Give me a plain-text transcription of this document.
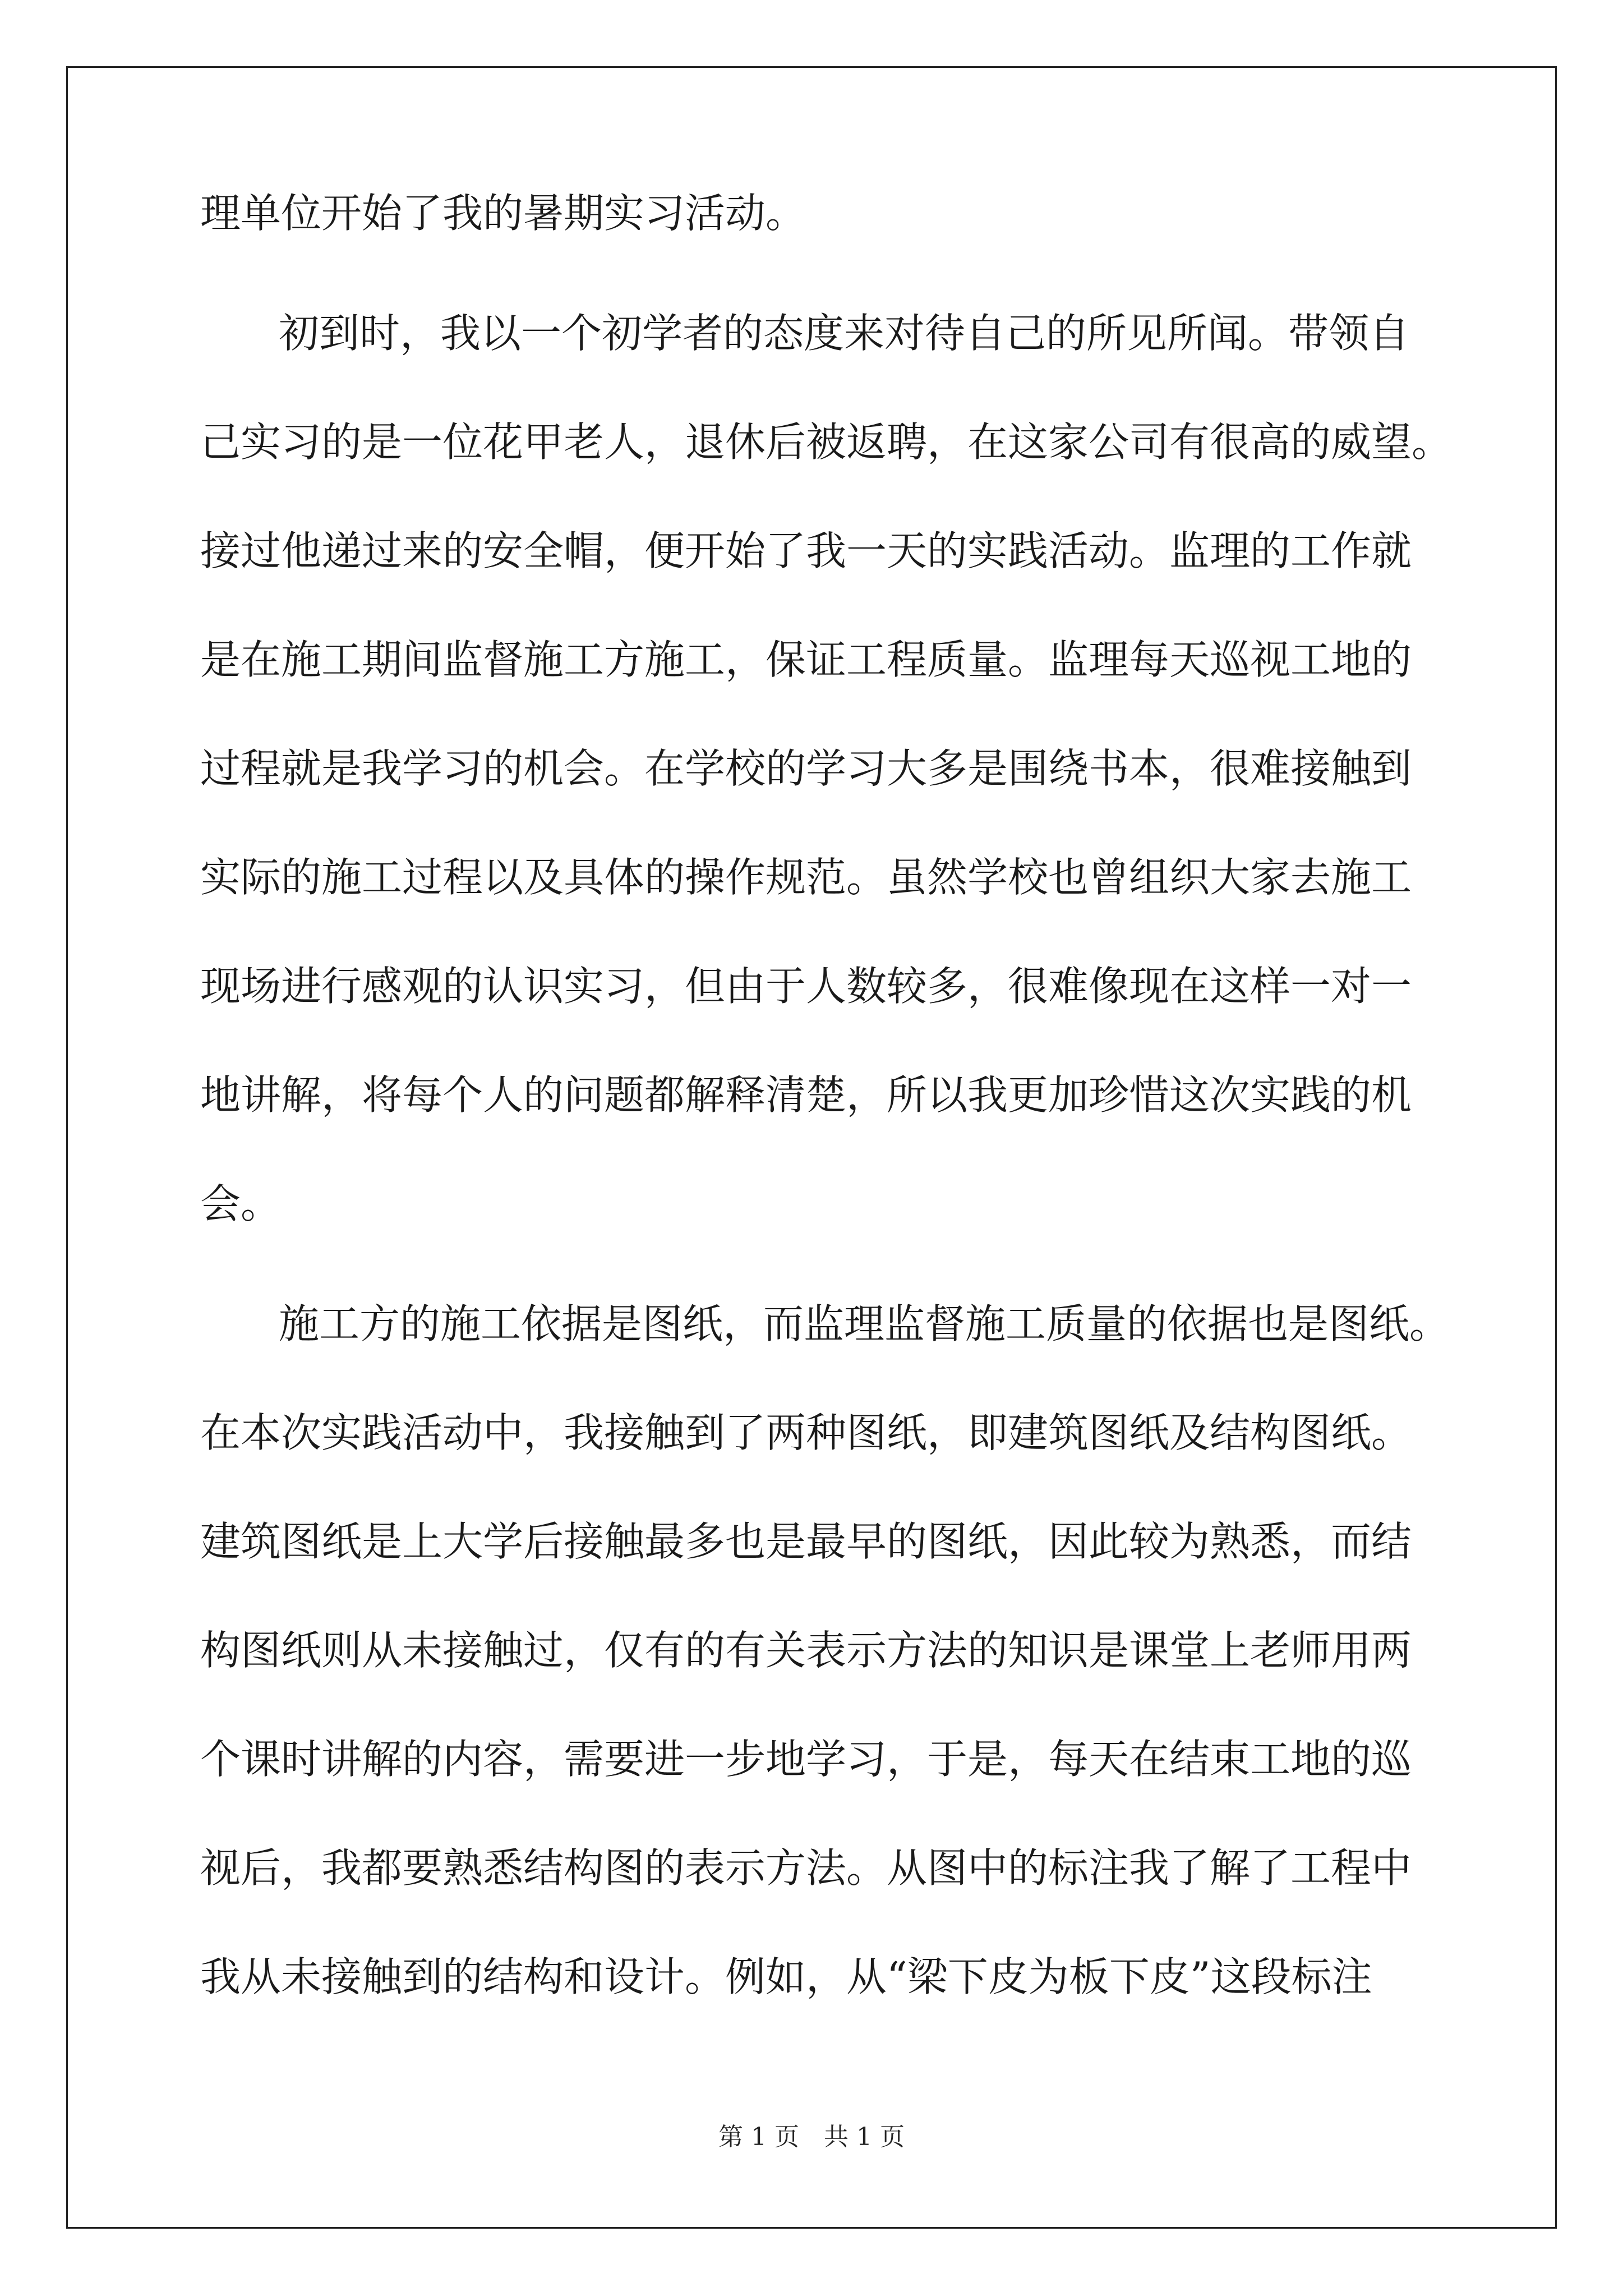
理单位开始了我的暑期实习活动。
初到时，我以一个初学者的态度来对待自己的所见所闻。带领自
己实习的是一位花甲老人，退休后被返聘，在这家公司有很高的威望。
接过他递过来的安全帽，便开始了我一天的实践活动。监理的工作就
是在施工期间监督施工方施工，保证工程质量。监理每天巡视工地的
过程就是我学习的机会。在学校的学习大多是围绕书本，很难接触到
实际的施工过程以及具体的操作规范。虽然学校也曾组织大家去施工
现场进行感观的认识实习，但由于人数较多，很难像现在这样一对一
地讲解，将每个人的问题都解释清楚，所以我更加珍惜这次实践的机
会。
施工方的施工依据是图纸，而监理监督施工质量的依据也是图纸。
在本次实践活动中，我接触到了两种图纸，即建筑图纸及结构图纸。
建筑图纸是上大学后接触最多也是最早的图纸，因此较为熟悉，而结
构图纸则从未接触过，仅有的有关表示方法的知识是课堂上老师用两
个课时讲解的内容，需要进一步地学习，于是，每天在结束工地的巡
视后，我都要熟悉结构图的表示方法。从图中的标注我了解了工程中
我从未接触到的结构和设计。例如，从“梁下皮为板下皮”这段标注
第 1 页　共 1 页
